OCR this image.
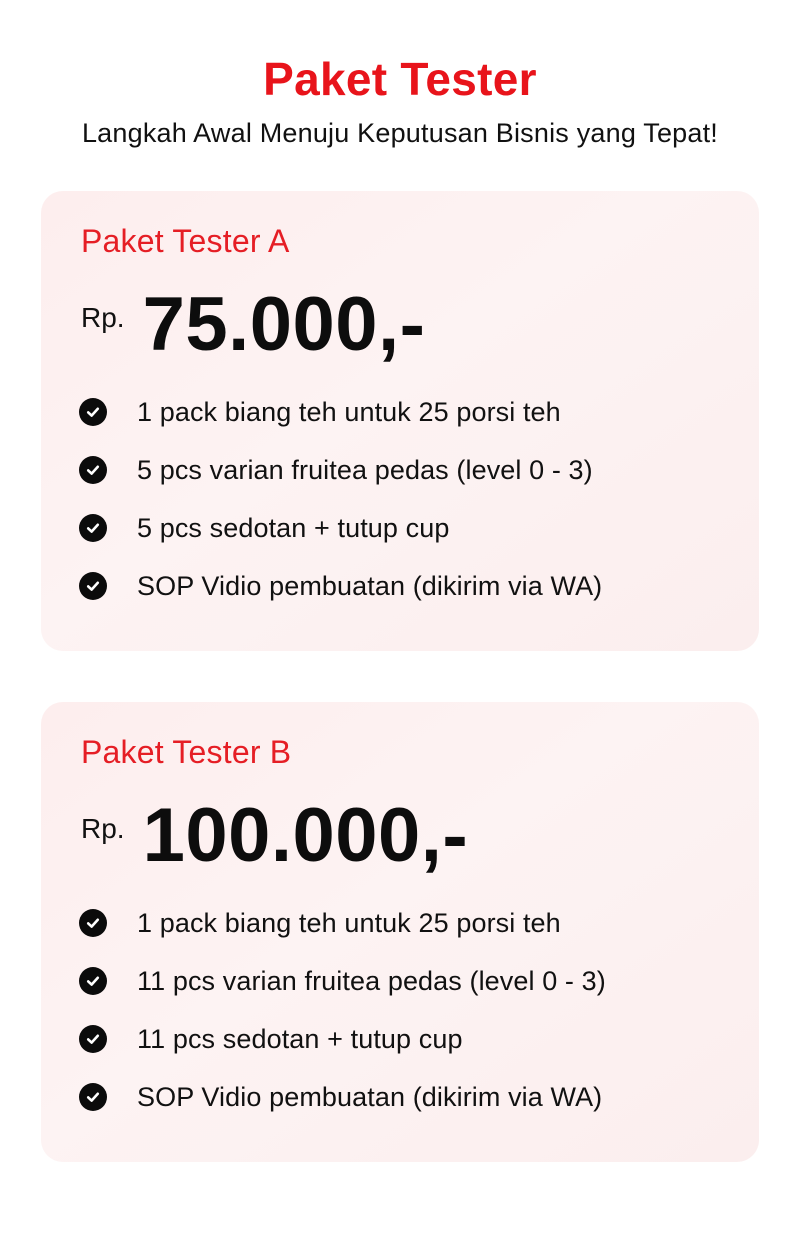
Paket Tester
Langkah Awal Menuju Keputusan Bisnis yang Tepat!
Paket Tester A
Rp. 75.000,-
1 pack biang teh untuk 25 porsi teh
5 pcs varian fruitea pedas (level 0 - 3)
5 pcs sedotan + tutup cup
SOP Vidio pembuatan (dikirim via WA)
Paket Tester B
Rp. 100.000,-
1 pack biang teh untuk 25 porsi teh
11 pcs varian fruitea pedas (level 0 - 3)
11 pcs sedotan + tutup cup
SOP Vidio pembuatan (dikirim via WA)
